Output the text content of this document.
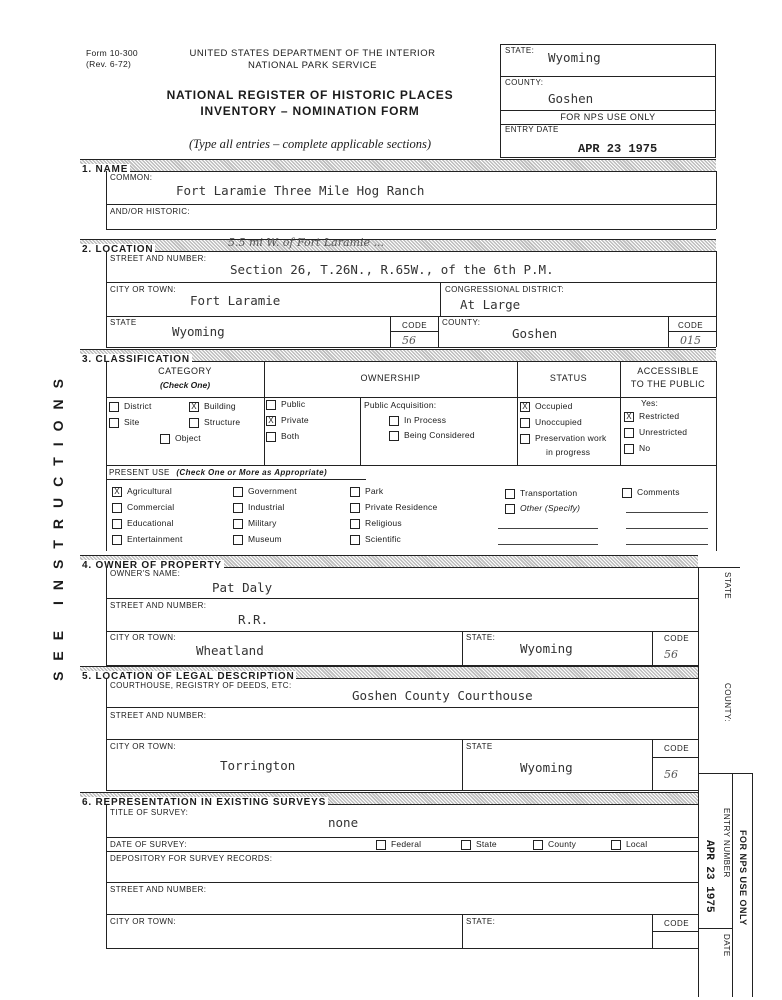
Form 10-300
(Rev. 6-72)
UNITED STATES DEPARTMENT OF THE INTERIOR
NATIONAL PARK SERVICE
NATIONAL REGISTER OF HISTORIC PLACES
INVENTORY – NOMINATION FORM
(Type all entries – complete applicable sections)
STATE: Wyoming
COUNTY:
Goshen
FOR NPS USE ONLY
ENTRY DATE
APR 23 1975
SEE INSTRUCTIONS
1. NAME
COMMON:
Fort Laramie Three Mile Hog Ranch
AND/OR HISTORIC:
2. LOCATION
5.5 mi W. of Fort Laramie ...
STREET AND NUMBER:
Section 26, T.26N., R.65W., of the 6th P.M.
CITY OR TOWN:
Fort Laramie
CONGRESSIONAL DISTRICT:
At Large
STATE
Wyoming	CODE
56
COUNTY:
Goshen
CODE
015
3. CLASSIFICATION
CATEGORY
(Check One)
OWNERSHIP	STATUS
ACCESSIBLE
TO THE PUBLIC
District	X Building
Site	Structure
Object
Public
X Private
Both
Public Acquisition:
In Process
Being Considered
X Occupied
Unoccupied
Preservation work
in progress
Yes:
X Restricted
Unrestricted
No
PRESENT USE (Check One or More as Appropriate)
X Agricultural
Commercial
Educational
Entertainment
Government
Industrial
Military
Museum
Park
Private Residence
Religious
Scientific
Transportation
Other (Specify)
Comments
4. OWNER OF PROPERTY
OWNER'S NAME:
Pat Daly
STREET AND NUMBER:
R.R.
CITY OR TOWN:
Wheatland
STATE:
Wyoming
CODE
56
STATE
COUNTY:
ENTRY NUMBER
DATE
FOR NPS USE ONLY
APR 23 1975
5. LOCATION OF LEGAL DESCRIPTION
COURTHOUSE, REGISTRY OF DEEDS, ETC:
Goshen County Courthouse
STREET AND NUMBER:
CITY OR TOWN:
Torrington
STATE
Wyoming
CODE
56
6. REPRESENTATION IN EXISTING SURVEYS
TITLE OF SURVEY:
none
DATE OF SURVEY:	Federal	State	County	Local
DEPOSITORY FOR SURVEY RECORDS:
STREET AND NUMBER:
CITY OR TOWN:	STATE:	CODE
